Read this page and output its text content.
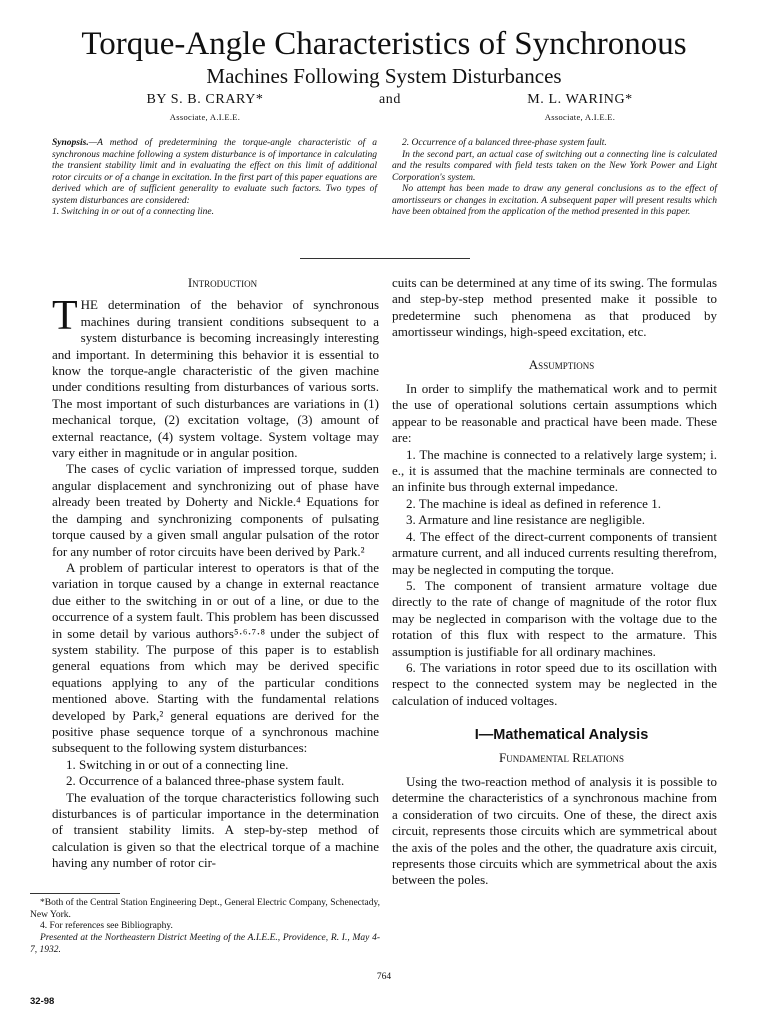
Torque-Angle Characteristics of Synchronous
Machines Following System Disturbances
BY S. B. CRARY*	and	M. L. WARING*
Associate, A.I.E.E.	Associate, A.I.E.E.

Synopsis.—A method of predetermining the torque-angle characteristic of a synchronous machine following a system disturbance is of importance in calculating the transient stability limit and in evaluating the effect on this limit of additional rotor circuits or of a change in excitation. In the first part of this paper equations are derived which are of sufficient generality to evaluate such factors. Two types of system disturbances are considered:

1. Switching in or out of a connecting line.

2. Occurrence of a balanced three-phase system fault.

In the second part, an actual case of switching out a connecting line is calculated and the results compared with field tests taken on the New York Power and Light Corporation's system.

No attempt has been made to draw any general conclusions as to the effect of amortisseurs or changes in excitation. A subsequent paper will present results which have been obtained from the application of the method presented in this paper.

Introduction

THE determination of the behavior of synchronous machines during transient conditions subsequent to a system disturbance is becoming increasingly interesting and important. In determining this behavior it is essential to know the torque-angle characteristic of the given machine under conditions resulting from disturbances of various sorts. The most important of such disturbances are variations in (1) mechanical torque, (2) excitation voltage, (3) amount of external reactance, (4) system voltage. System voltage may vary either in magnitude or in angular position.

The cases of cyclic variation of impressed torque, sudden angular displacement and synchronizing out of phase have already been treated by Doherty and Nickle.⁴ Equations for the damping and synchronizing components of pulsating torque caused by a given small angular pulsation of the rotor for any number of rotor circuits have been derived by Park.²

A problem of particular interest to operators is that of the variation in torque caused by a change in external reactance due either to the switching in or out of a line, or due to the occurrence of a system fault. This problem has been discussed in some detail by various authors⁵·⁶·⁷·⁸ under the subject of system stability. The purpose of this paper is to establish general equations from which may be derived specific equations applying to any of the particular conditions mentioned above. Starting with the fundamental relations developed by Park,² general equations are derived for the positive phase sequence torque of a synchronous machine subsequent to the following system disturbances:

1. Switching in or out of a connecting line.

2. Occurrence of a balanced three-phase system fault.

The evaluation of the torque characteristics following such disturbances is of particular importance in the determination of transient stability limits. A step-by-step method of calculation is given so that the electrical torque of a machine having any number of rotor cir-

*Both of the Central Station Engineering Dept., General Electric Company, Schenectady, New York.

4. For references see Bibliography.

Presented at the Northeastern District Meeting of the A.I.E.E., Providence, R. I., May 4-7, 1932.

cuits can be determined at any time of its swing. The formulas and step-by-step method presented make it possible to predetermine such phenomena as that produced by amortisseur windings, high-speed excitation, etc.

Assumptions

In order to simplify the mathematical work and to permit the use of operational solutions certain assumptions which appear to be reasonable and practical have been made. These are:

1. The machine is connected to a relatively large system; i. e., it is assumed that the machine terminals are connected to an infinite bus through external impedance.

2. The machine is ideal as defined in reference 1.

3. Armature and line resistance are negligible.

4. The effect of the direct-current components of transient armature current, and all induced currents resulting therefrom, may be neglected in computing the torque.

5. The component of transient armature voltage due directly to the rate of change of magnitude of the rotor flux may be neglected in comparison with the voltage due to the rotation of this flux with respect to the armature. This assumption is justifiable for all ordinary machines.

6. The variations in rotor speed due to its oscillation with respect to the connected system may be neglected in the calculation of induced voltages.

I—Mathematical Analysis

Fundamental Relations

Using the two-reaction method of analysis it is possible to determine the characteristics of a synchronous machine from a consideration of two circuits. One of these, the direct axis circuit, represents those circuits which are symmetrical about the axis of the poles and the other, the quadrature axis circuit, represents those circuits which are symmetrical about the axis between the poles.

764
32-98
